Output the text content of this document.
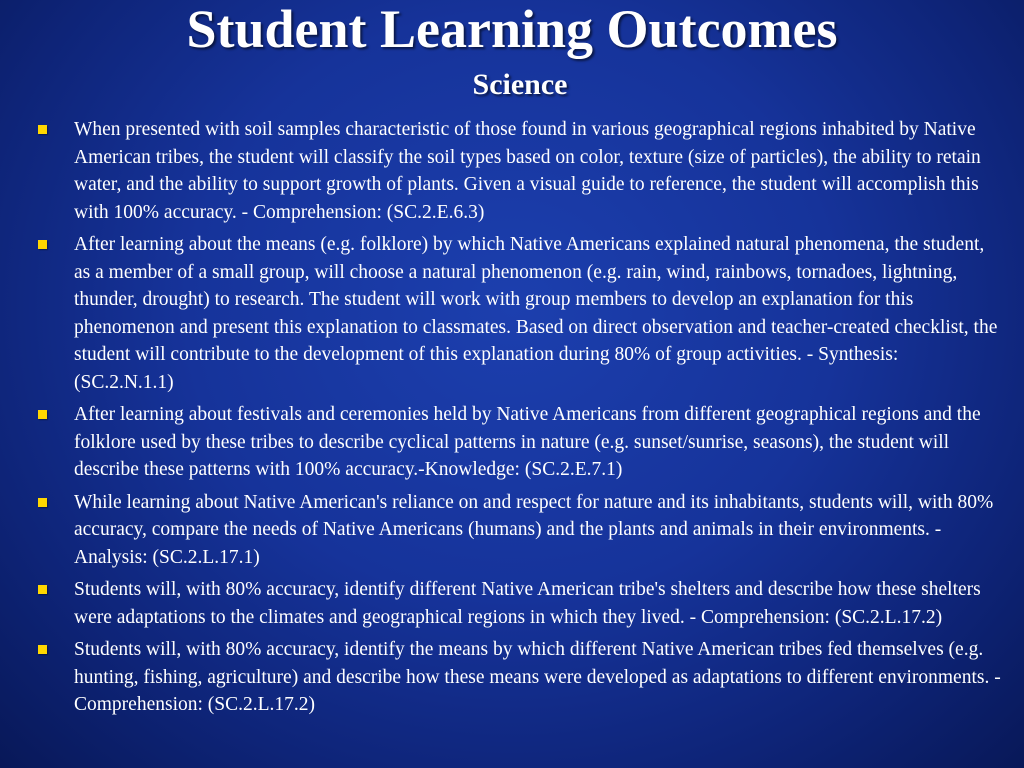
Student Learning Outcomes
Science
When presented with soil samples characteristic of those found in various geographical regions inhabited by Native American tribes, the student will classify the soil types based on color, texture (size of particles), the ability to retain water, and the ability to support growth of plants. Given a visual guide to reference, the student will accomplish this with 100% accuracy. - Comprehension: (SC.2.E.6.3)
After learning about the means (e.g. folklore) by which Native Americans explained natural phenomena, the student, as a member of a small group, will choose a natural phenomenon (e.g. rain, wind, rainbows, tornadoes, lightning, thunder, drought) to research. The student will work with group members to develop an explanation for this phenomenon and present this explanation to classmates. Based on direct observation and teacher-created checklist, the student will contribute to the development of this explanation during 80% of group activities. - Synthesis: (SC.2.N.1.1)
After learning about festivals and ceremonies held by Native Americans from different geographical regions and the folklore used by these tribes to describe cyclical patterns in nature (e.g. sunset/sunrise, seasons), the student will describe these patterns with 100% accuracy.-Knowledge: (SC.2.E.7.1)
While learning about Native American's reliance on and respect for nature and its inhabitants, students will, with 80% accuracy, compare the needs of Native Americans (humans) and the plants and animals in their environments. -Analysis: (SC.2.L.17.1)
Students will, with 80% accuracy, identify different Native American tribe's shelters and describe how these shelters were adaptations to the climates and geographical regions in which they lived. - Comprehension: (SC.2.L.17.2)
Students will, with 80% accuracy, identify the means by which different Native American tribes fed themselves (e.g. hunting, fishing, agriculture) and describe how these means were developed as adaptations to different environments. - Comprehension: (SC.2.L.17.2)
